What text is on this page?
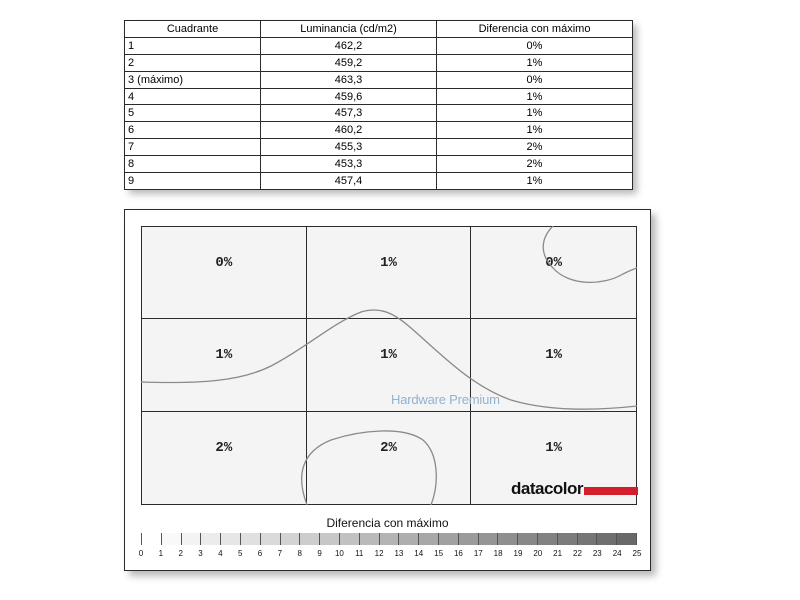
Cuadrante	Luminancia (cd/m2)	Diferencia con máximo
1	462,2	0%
2	459,2	1%
3 (máximo)	463,3	0%
4	459,6	1%
5	457,3	1%
6	460,2	1%
7	455,3	2%
8	453,3	2%
9	457,4	1%
0%	1%	0%
1%	1%	1%
2%	2%	1%
Hardware Premium
datacolor
Diferencia con máximo
0 1 2 3 4 5 6 7 8 9 10 11 12 13 14 15 16 17 18 19 20 21 22 23 24 25
